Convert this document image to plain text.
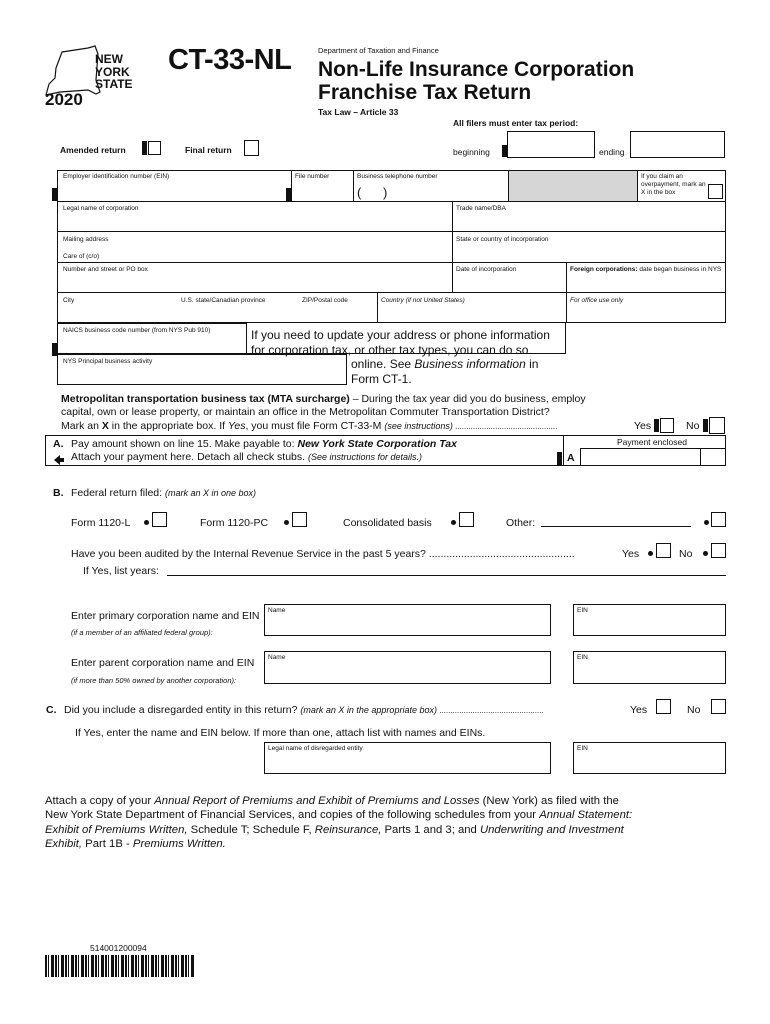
NEW
YORK
STATE
2020
CT-33-NL	Department of Taxation and Finance
Non-Life Insurance Corporation
Franchise Tax Return
Tax Law – Article 33
All filers must enter tax period:
Amended return	Final return	beginning	ending
Employer identification number (EIN)	File number	Business telephone number
(      )
If you claim an overpayment, mark an X in the box
Legal name of corporation	Trade name/DBA
Mailing address	State or country of incorporation
Care of (c/o)
Number and street or PO box	Date of incorporation	Foreign corporations: date began business in NYS
City	U.S. state/Canadian province	ZIP/Postal code	Country (if not United States)	For office use only
NAICS business code number (from NYS Pub 910)
NYS Principal business activity
If you need to update your address or phone information
for corporation tax, or other tax types, you can do so
online. See Business information in
Form CT-1.
Metropolitan transportation business tax (MTA surcharge) – During the tax year did you do business, employ
capital, own or lease property, or maintain an office in the Metropolitan Commuter Transportation District?
Mark an X in the appropriate box. If Yes, you must file Form CT-33-M (see instructions) ..............................................	Yes	No
A. Pay amount shown on line 15. Make payable to: New York State Corporation Tax
Attach your payment here. Detach all check stubs. (See instructions for details.)	A
Payment enclosed
B. Federal return filed: (mark an X in one box)
Form 1120-L	Form 1120-PC	Consolidated basis	Other:
Have you been audited by the Internal Revenue Service in the past 5 years? ..................................................	Yes	No
If Yes, list years:
Enter primary corporation name and EIN
(if a member of an affiliated federal group):
Name	EIN
Enter parent corporation name and EIN
(if more than 50% owned by another corporation):
Name	EIN
C. Did you include a disregarded entity in this return? (mark an X in the appropriate box) ...............................................	Yes	No
If Yes, enter the name and EIN below. If more than one, attach list with names and EINs.
Legal name of disregarded entity	EIN
Attach a copy of your Annual Report of Premiums and Exhibit of Premiums and Losses (New York) as filed with the
New York State Department of Financial Services, and copies of the following schedules from your Annual Statement:
Exhibit of Premiums Written, Schedule T; Schedule F, Reinsurance, Parts 1 and 3; and Underwriting and Investment
Exhibit, Part 1B - Premiums Written.
514001200094
